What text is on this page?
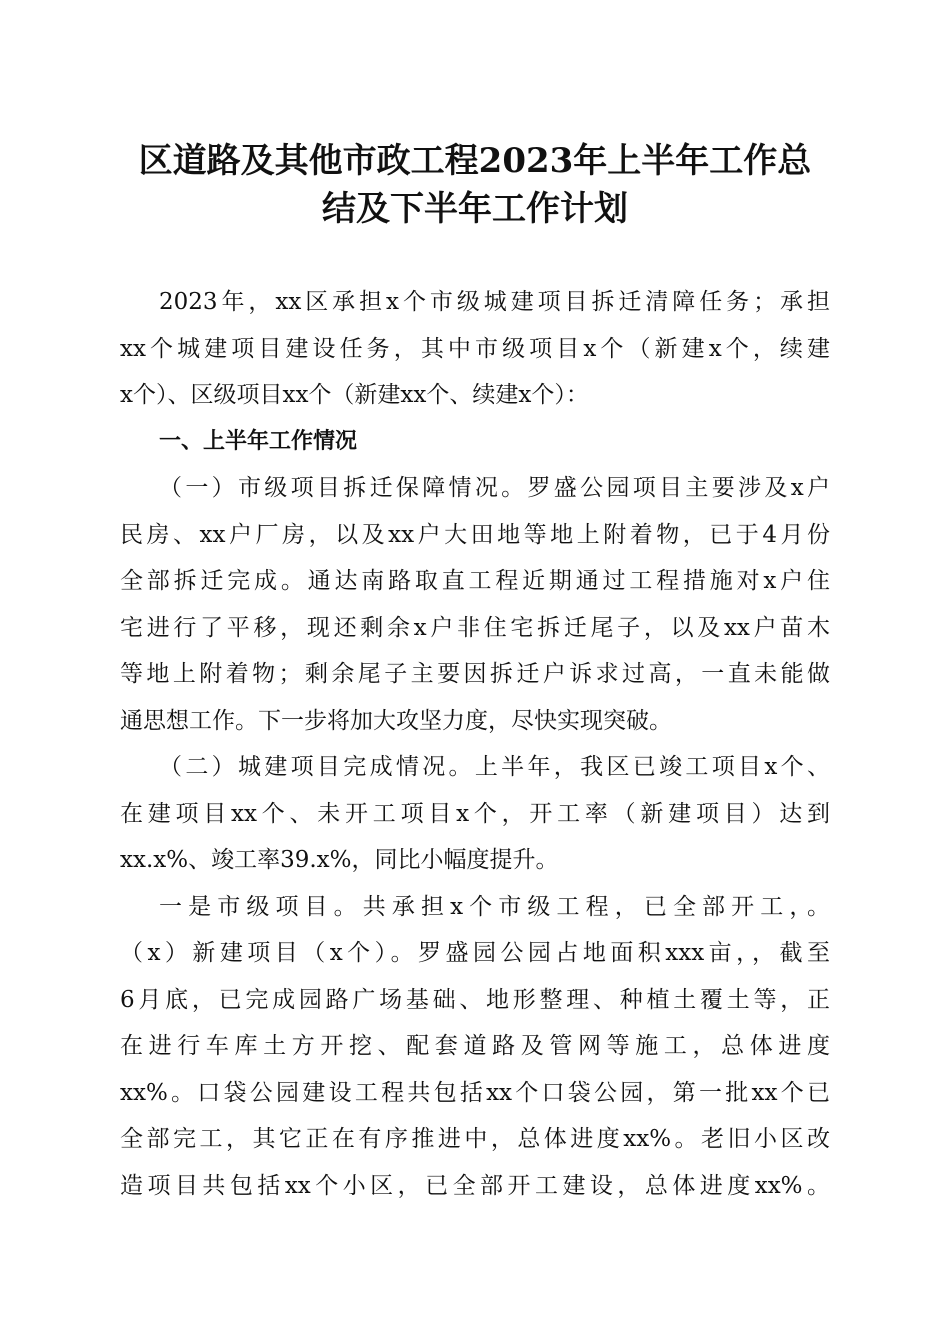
区道路及其他市政工程2023年上半年工作总
结及下半年工作计划
2023年，xx区承担x个市级城建项目拆迁清障任务；承担
xx个城建项目建设任务，其中市级项目x个（新建x个，续建
x个）、区级项目xx个（新建xx个、续建x个）：
一、上半年工作情况
（一）市级项目拆迁保障情况。罗盛公园项目主要涉及x户
民房、xx户厂房，以及xx户大田地等地上附着物，已于4月份
全部拆迁完成。通达南路取直工程近期通过工程措施对x户住
宅进行了平移，现还剩余x户非住宅拆迁尾子，以及xx户苗木
等地上附着物；剩余尾子主要因拆迁户诉求过高，一直未能做
通思想工作。下一步将加大攻坚力度，尽快实现突破。
（二）城建项目完成情况。上半年，我区已竣工项目x个、
在建项目xx个、未开工项目x个，开工率（新建项目）达到
xx.x%、竣工率39.x%，同比小幅度提升。
一是市级项目。共承担x个市级工程，已全部开工，。
（x）新建项目（x个）。罗盛园公园占地面积xxx亩，，截至
6月底，已完成园路广场基础、地形整理、种植土覆土等，正
在进行车库土方开挖、配套道路及管网等施工，总体进度
xx%。口袋公园建设工程共包括xx个口袋公园，第一批xx个已
全部完工，其它正在有序推进中，总体进度xx%。老旧小区改
造项目共包括xx个小区，已全部开工建设，总体进度xx%。
